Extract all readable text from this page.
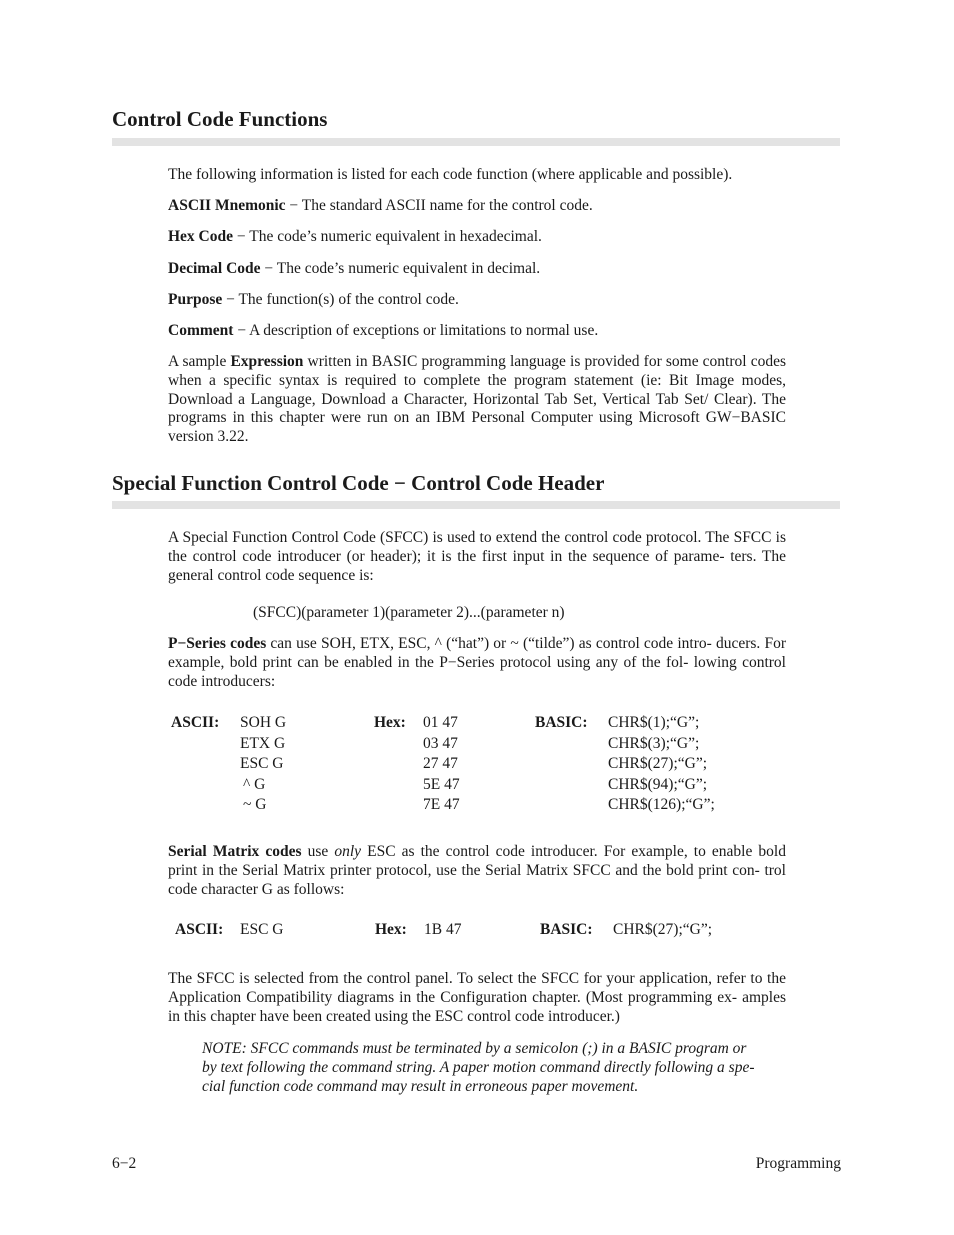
Control Code Functions

The following information is listed for each code function (where applicable and possible).

ASCII Mnemonic − The standard ASCII name for the control code.

Hex Code − The code’s numeric equivalent in hexadecimal.

Decimal Code − The code’s numeric equivalent in decimal.

Purpose − The function(s) of the control code.

Comment − A description of exceptions or limitations to normal use.

A sample Expression written in BASIC programming language is provided for some control codes when a specific syntax is required to complete the program statement (ie: Bit Image modes, Download a Language, Download a Character, Horizontal Tab Set, Vertical Tab Set/ Clear). The programs in this chapter were run on an IBM Personal Computer using Microsoft GW−BASIC version 3.22.

Special Function Control Code − Control Code Header

A Special Function Control Code (SFCC) is used to extend the control code protocol. The SFCC is the control code introducer (or header); it is the first input in the sequence of parame- ters. The general control code sequence is:

(SFCC)(parameter 1)(parameter 2)...(parameter n)

P−Series codes can use SOH, ETX, ESC, ^ (“hat”) or ~ (“tilde”) as control code intro- ducers. For example, bold print can be enabled in the P−Series protocol using any of the fol- lowing control code introducers:

ASCII:	Hex:	BASIC:
SOH G	01 47	CHR$(1);“G”;
ETX G	03 47	CHR$(3);“G”;
ESC G	27 47	CHR$(27);“G”;
^ G	5E 47	CHR$(94);“G”;
~ G	7E 47	CHR$(126);“G”;

Serial Matrix codes use only ESC as the control code introducer. For example, to enable bold print in the Serial Matrix printer protocol, use the Serial Matrix SFCC and the bold print con- trol code character G as follows:

ASCII: ESC G	Hex: 1B 47	BASIC: CHR$(27);“G”;

The SFCC is selected from the control panel. To select the SFCC for your application, refer to the Application Compatibility diagrams in the Configuration chapter. (Most programming ex- amples in this chapter have been created using the ESC control code introducer.)

NOTE: SFCC commands must be terminated by a semicolon (;) in a BASIC program or by text following the command string. A paper motion command directly following a spe- cial function code command may result in erroneous paper movement.

6−2	Programming
